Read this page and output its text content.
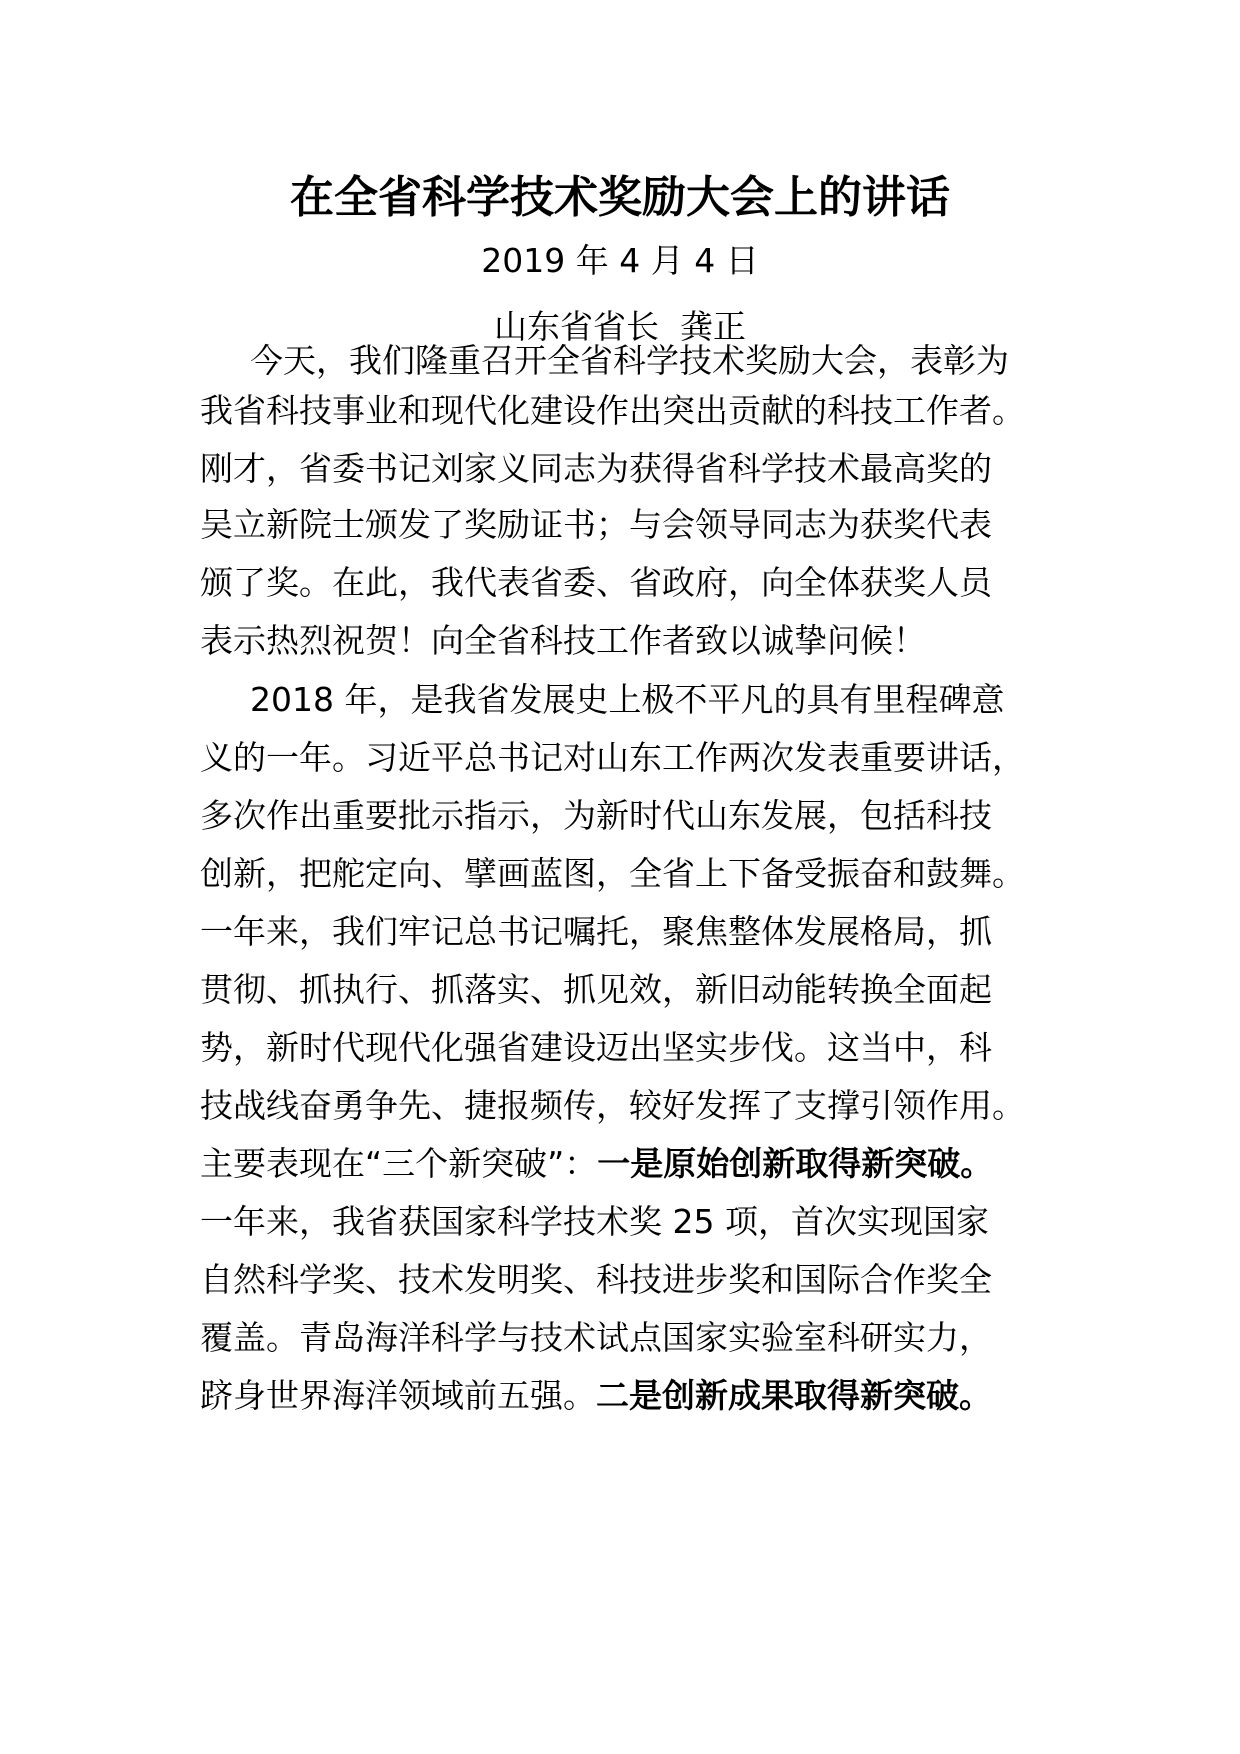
在全省科学技术奖励大会上的讲话
2019 年 4 月 4 日
山东省省长  龚正
今天，我们隆重召开全省科学技术奖励大会，表彰为
我省科技事业和现代化建设作出突出贡献的科技工作者。
刚才，省委书记刘家义同志为获得省科学技术最高奖的
吴立新院士颁发了奖励证书；与会领导同志为获奖代表
颁了奖。在此，我代表省委、省政府，向全体获奖人员
表示热烈祝贺！向全省科技工作者致以诚挚问候！
2018 年，是我省发展史上极不平凡的具有里程碑意
义的一年。习近平总书记对山东工作两次发表重要讲话，
多次作出重要批示指示，为新时代山东发展，包括科技
创新，把舵定向、擘画蓝图，全省上下备受振奋和鼓舞。
一年来，我们牢记总书记嘱托，聚焦整体发展格局，抓
贯彻、抓执行、抓落实、抓见效，新旧动能转换全面起
势，新时代现代化强省建设迈出坚实步伐。这当中，科
技战线奋勇争先、捷报频传，较好发挥了支撑引领作用。
主要表现在“三个新突破”：一是原始创新取得新突破。
一年来，我省获国家科学技术奖 25 项，首次实现国家
自然科学奖、技术发明奖、科技进步奖和国际合作奖全
覆盖。青岛海洋科学与技术试点国家实验室科研实力，
跻身世界海洋领域前五强。二是创新成果取得新突破。
